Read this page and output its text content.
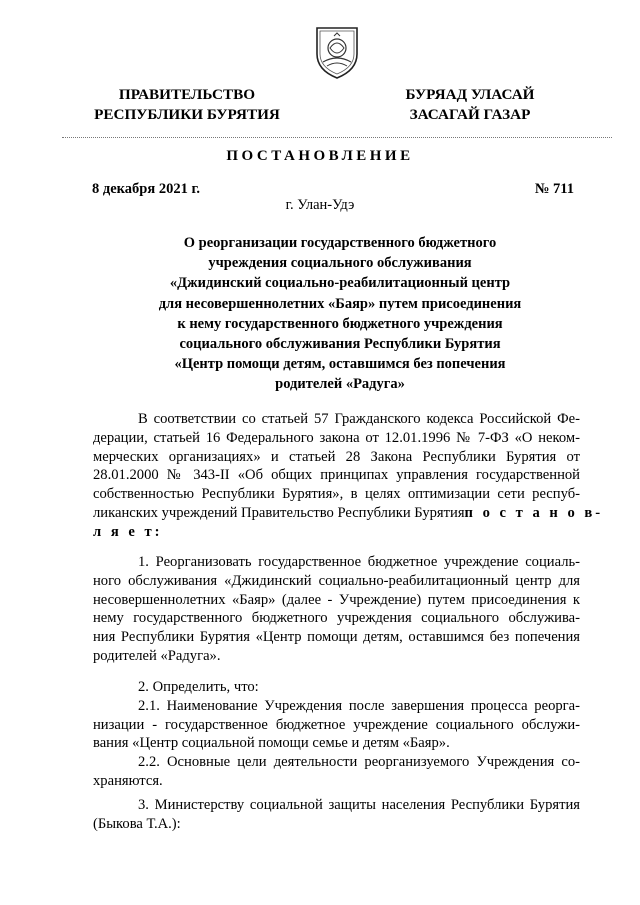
ПРАВИТЕЛЬСТВО
РЕСПУБЛИКИ БУРЯТИЯ
БУРЯАД УЛАСАЙ
ЗАСАГАЙ ГАЗАР
ПОСТАНОВЛЕНИЕ
8 декабря 2021 г.	№ 711
г. Улан-Удэ
О реорганизации государственного бюджетного
учреждения социального обслуживания
«Джидинский социально-реабилитационный центр
для несовершеннолетних «Баяр» путем присоединения
к нему государственного бюджетного учреждения
социального обслуживания Республики Бурятия
«Центр помощи детям, оставшимся без попечения
родителей «Радуга»
В соответствии со статьей 57 Гражданского кодекса Российской Фе-
дерации, статьей 16 Федерального закона от 12.01.1996 № 7-ФЗ «О неком-
мерческих организациях» и статьей 28 Закона Республики Бурятия от
28.01.2000 № 343-II «Об общих принципах управления государственной
собственностью Республики Бурятия», в целях оптимизации сети респуб-
ликанских учреждений Правительство Республики Бурятия п о с т а н о в-
л я е т:
1. Реорганизовать государственное бюджетное учреждение социаль-
ного обслуживания «Джидинский социально-реабилитационный центр для
несовершеннолетних «Баяр» (далее - Учреждение) путем присоединения к
нему государственного бюджетного учреждения социального обслужива-
ния Республики Бурятия «Центр помощи детям, оставшимся без попечения
родителей «Радуга».
2. Определить, что:
2.1. Наименование Учреждения после завершения процесса реорга-
низации - государственное бюджетное учреждение социального обслужи-
вания «Центр социальной помощи семье и детям «Баяр».
2.2. Основные цели деятельности реорганизуемого Учреждения со-
храняются.
3. Министерству социальной защиты населения Республики Бурятия
(Быкова Т.А.):
